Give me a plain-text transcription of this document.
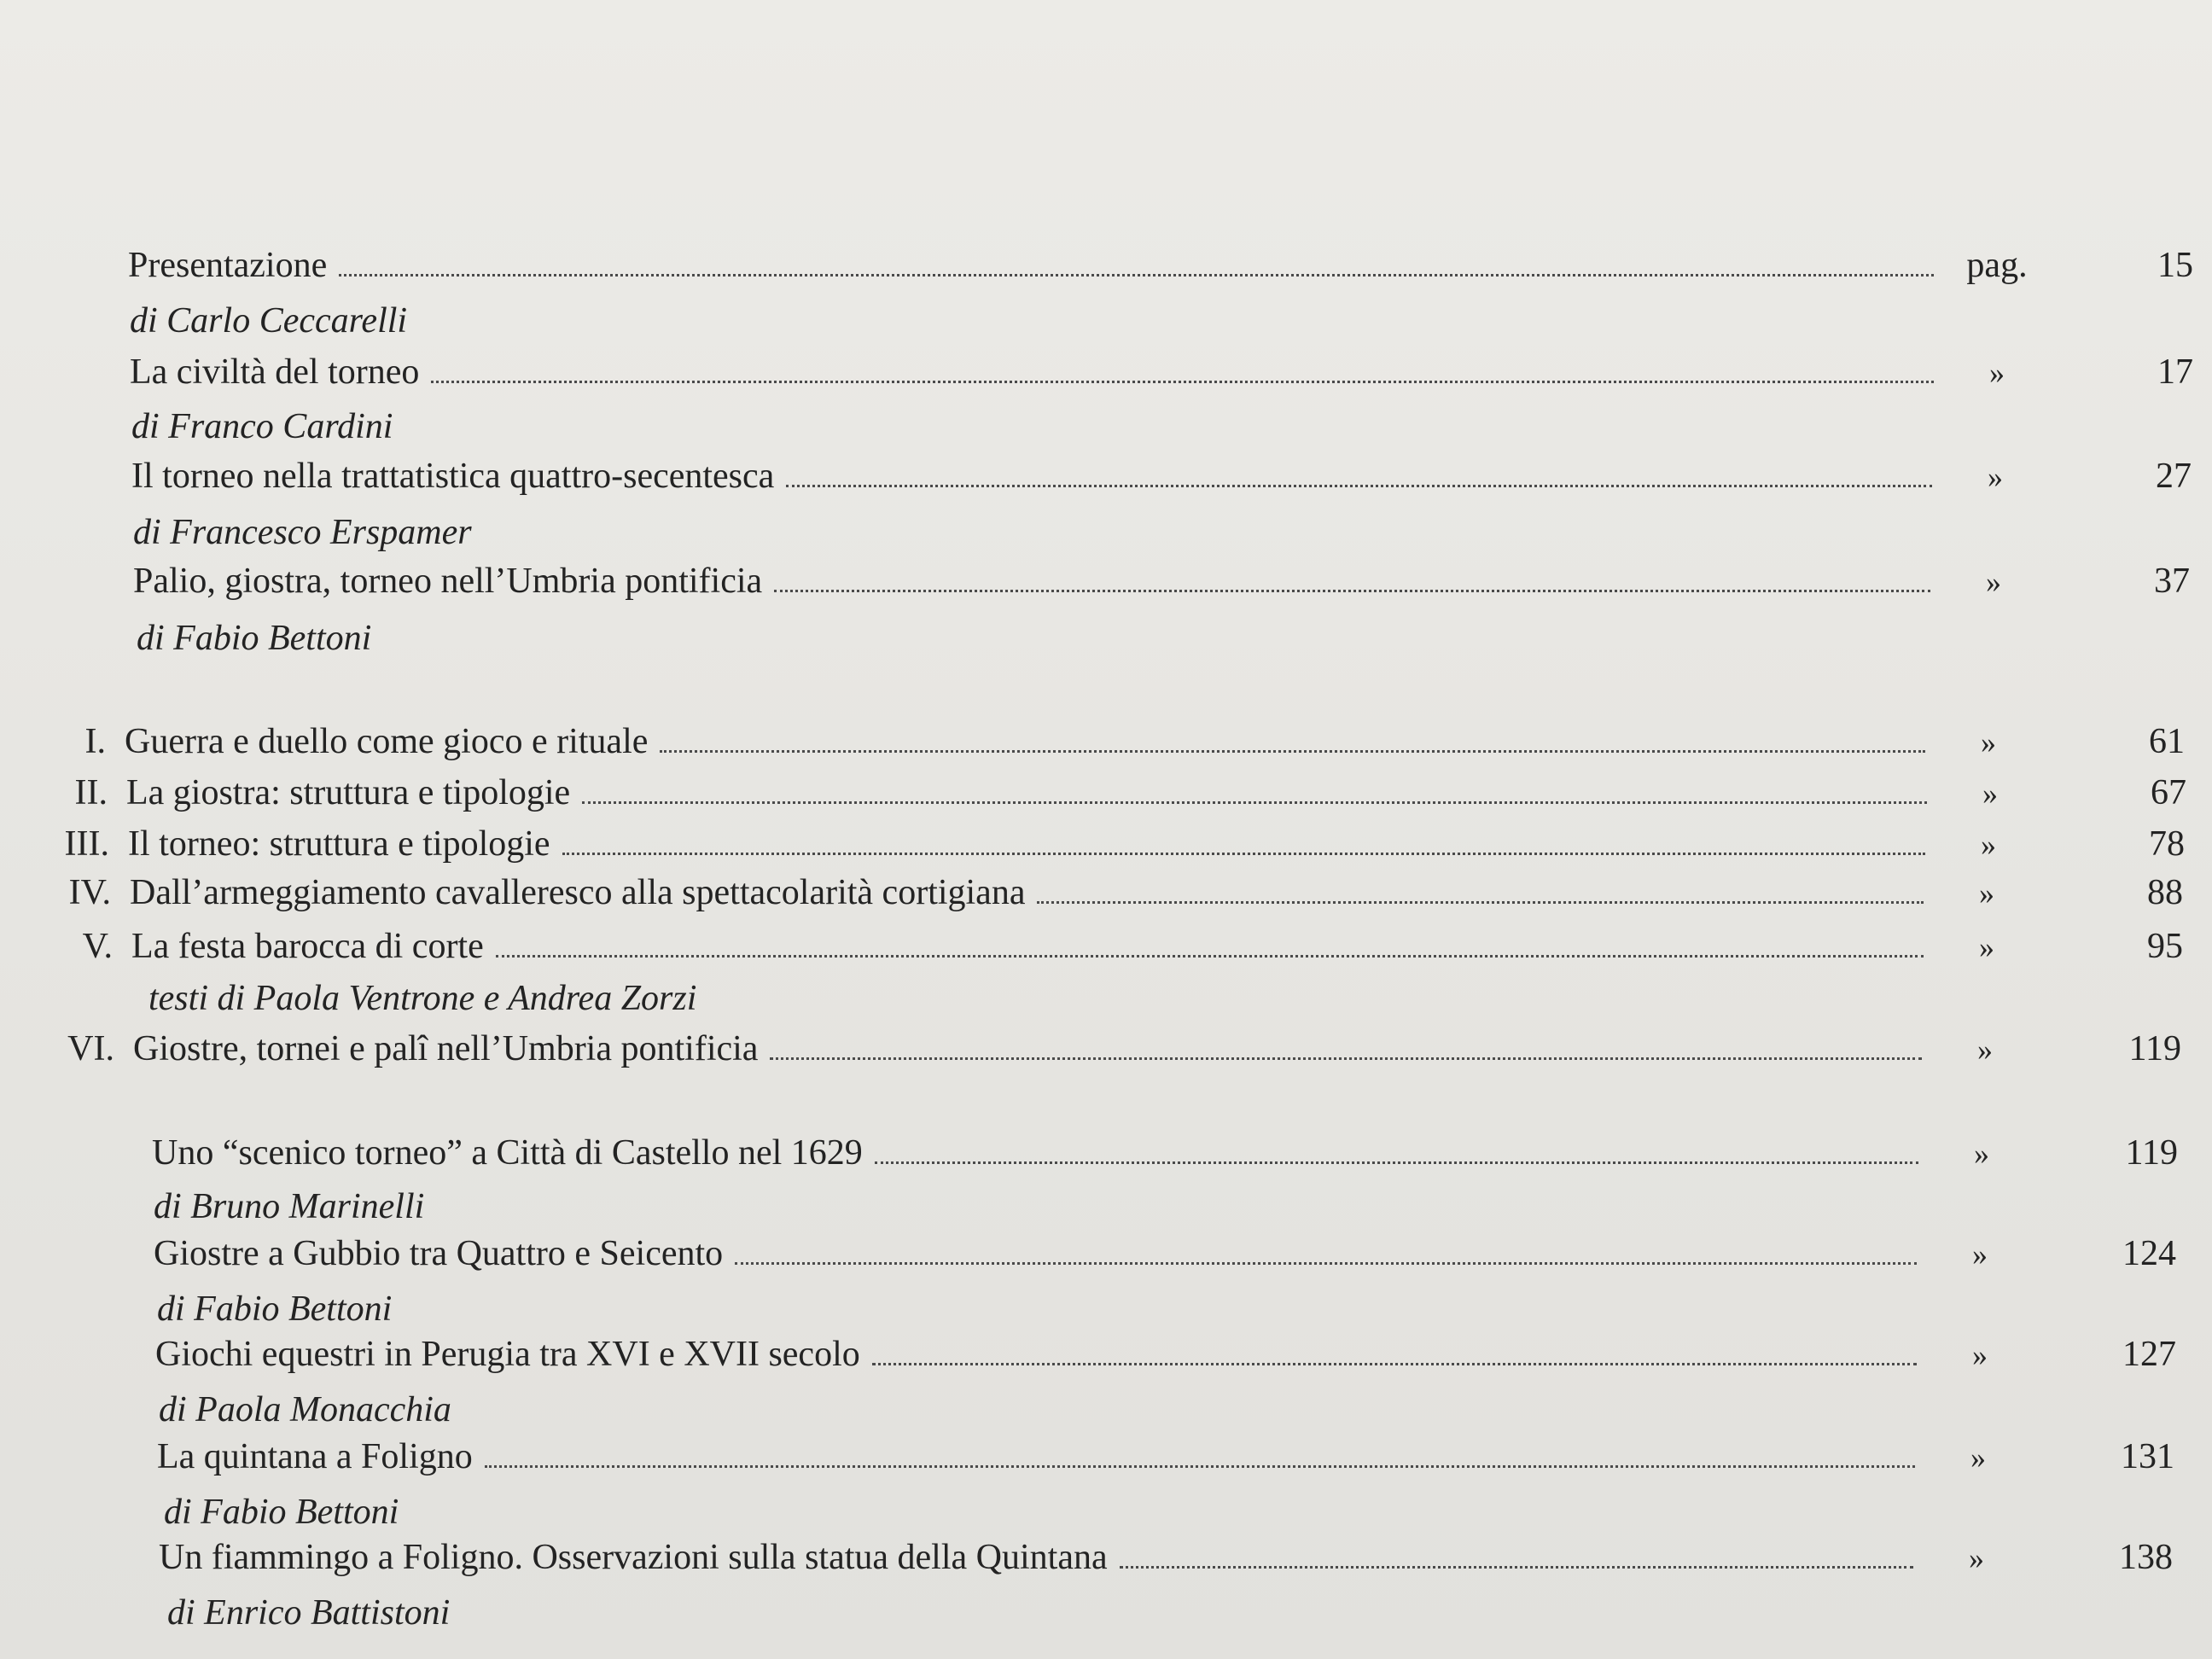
Presentazione	pag.	15
di Carlo Ceccarelli
La civiltà del torneo	»	17
di Franco Cardini
Il torneo nella trattatistica quattro-secentesca	»	27
di Francesco Erspamer
Palio, giostra, torneo nell’Umbria pontificia	»	37
di Fabio Bettoni
I. Guerra e duello come gioco e rituale	»	61
II. La giostra: struttura e tipologie	»	67
III. Il torneo: struttura e tipologie	»	78
IV. Dall’armeggiamento cavalleresco alla spettacolarità cortigiana	»	88
V. La festa barocca di corte	»	95
testi di Paola Ventrone e Andrea Zorzi
VI. Giostre, tornei e palî nell’Umbria pontificia	»	119
Uno “scenico torneo” a Città di Castello nel 1629	»	119
di Bruno Marinelli
Giostre a Gubbio tra Quattro e Seicento	»	124
di Fabio Bettoni
Giochi equestri in Perugia tra XVI e XVII secolo	»	127
di Paola Monacchia
La quintana a Foligno	»	131
di Fabio Bettoni
Un fiammingo a Foligno. Osservazioni sulla statua della Quintana	»	138
di Enrico Battistoni
